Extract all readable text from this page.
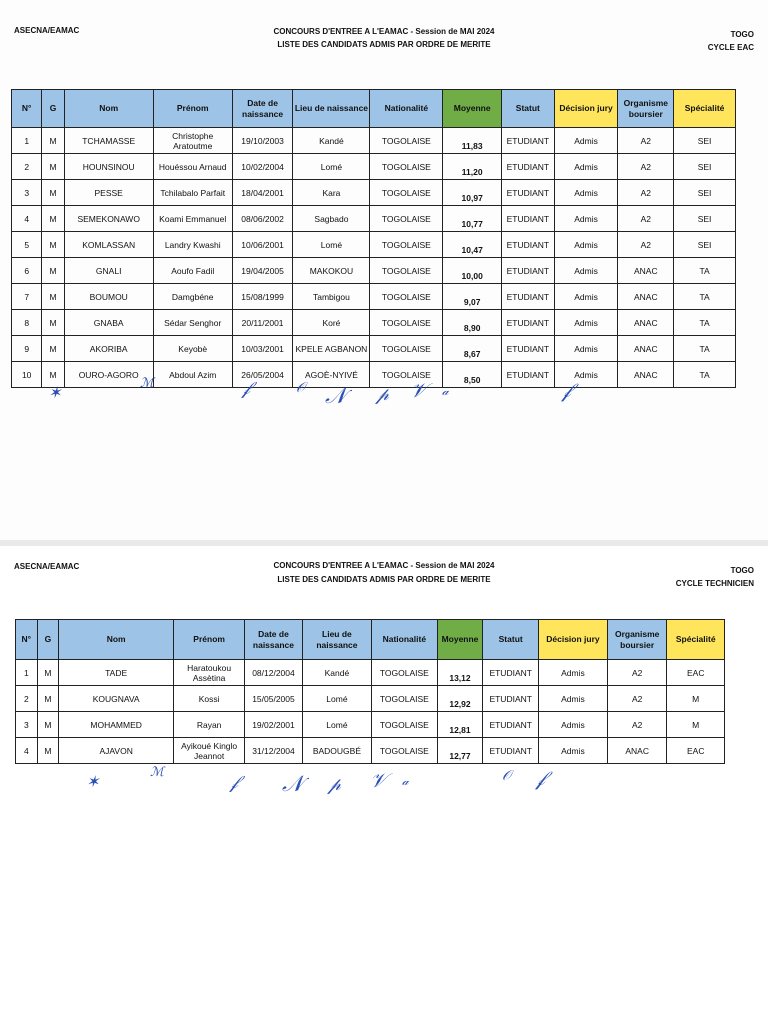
ASECNA/EAMAC	CONCOURS D'ENTREE A L'EAMAC - Session de MAI 2024
LISTE DES CANDIDATS ADMIS PAR ORDRE DE MERITE
TOGO
CYCLE EAC
N°	G	Nom	Prénom	Date de naissance	Lieu de naissance	Nationalité	Moyenne	Statut	Décision jury	Organisme boursier	Spécialité
1	M	TCHAMASSE	Christophe Aratoutme	19/10/2003	Kandé	TOGOLAISE	11,83	ETUDIANT	Admis	A2	SEI
2	M	HOUNSINOU	Houéssou Arnaud	10/02/2004	Lomé	TOGOLAISE	11,20	ETUDIANT	Admis	A2	SEI
3	M	PESSE	Tchilabalo Parfait	18/04/2001	Kara	TOGOLAISE	10,97	ETUDIANT	Admis	A2	SEI
4	M	SEMEKONAWO	Koami Emmanuel	08/06/2002	Sagbado	TOGOLAISE	10,77	ETUDIANT	Admis	A2	SEI
5	M	KOMLASSAN	Landry Kwashi	10/06/2001	Lomé	TOGOLAISE	10,47	ETUDIANT	Admis	A2	SEI
6	M	GNALI	Aoufo Fadil	19/04/2005	MAKOKOU	TOGOLAISE	10,00	ETUDIANT	Admis	ANAC	TA
7	M	BOUMOU	Damgbéne	15/08/1999	Tambigou	TOGOLAISE	9,07	ETUDIANT	Admis	ANAC	TA
8	M	GNABA	Sédar Senghor	20/11/2001	Koré	TOGOLAISE	8,90	ETUDIANT	Admis	ANAC	TA
9	M	AKORIBA	Keyobè	10/03/2001	KPELE AGBANON	TOGOLAISE	8,67	ETUDIANT	Admis	ANAC	TA
10	M	OURO-AGORO	Abdoul Azim	26/05/2004	AGOÈ-NYIVÉ	TOGOLAISE	8,50	ETUDIANT	Admis	ANAC	TA
✶	ℳ	𝒻	𝒪 𝒩 𝓅 𝒱 𝒶	𝒻
ASECNA/EAMAC	CONCOURS D'ENTREE A L'EAMAC - Session de MAI 2024
LISTE DES CANDIDATS ADMIS PAR ORDRE DE MERITE
TOGO
CYCLE TECHNICIEN
N°	G	Nom	Prénom	Date de naissance	Lieu de naissance	Nationalité	Moyenne	Statut	Décision jury	Organisme boursier	Spécialité
1	M	TADE	Haratoukou Assètina	08/12/2004	Kandé	TOGOLAISE	13,12	ETUDIANT	Admis	A2	EAC
2	M	KOUGNAVA	Kossi	15/05/2005	Lomé	TOGOLAISE	12,92	ETUDIANT	Admis	A2	M
3	M	MOHAMMED	Rayan	19/02/2001	Lomé	TOGOLAISE	12,81	ETUDIANT	Admis	A2	M
4	M	AJAVON	Ayikoué Kinglo Jeannot	31/12/2004	BADOUGBÉ	TOGOLAISE	12,77	ETUDIANT	Admis	ANAC	EAC
✶	ℳ	𝒻 𝒩 𝓅 𝒱 𝒶	𝒪 𝒻
